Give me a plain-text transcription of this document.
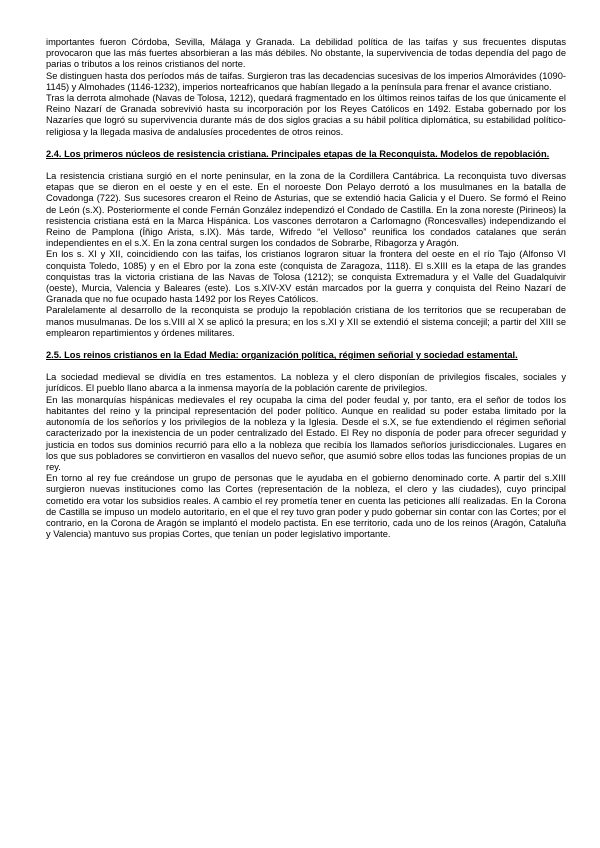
importantes fueron Córdoba, Sevilla, Málaga y Granada. La debilidad política de las taifas y sus frecuentes disputas provocaron que las más fuertes absorbieran a las más débiles. No obstante, la supervivencia de todas dependía del pago de parias o tributos a los reinos cristianos del norte.

Se distinguen hasta dos períodos más de taifas. Surgieron tras las decadencias sucesivas de los imperios Almorávides (1090-1145) y Almohades (1146-1232), imperios norteafricanos que habían llegado a la península para frenar el avance cristiano.

Tras la derrota almohade (Navas de Tolosa, 1212), quedará fragmentado en los últimos reinos taifas de los que únicamente el Reino Nazarí de Granada sobrevivió hasta su incorporación por los Reyes Católicos en 1492. Estaba gobernado por los Nazaríes que logró su supervivencia durante más de dos siglos gracias a su hábil política diplomática, su estabilidad político-religiosa y la llegada masiva de andalusíes procedentes de otros reinos.

2.4. Los primeros núcleos de resistencia cristiana. Principales etapas de la Reconquista. Modelos de repoblación.

La resistencia cristiana surgió en el norte peninsular, en la zona de la Cordillera Cantábrica. La reconquista tuvo diversas etapas que se dieron en el oeste y en el este. En el noroeste Don Pelayo derrotó a los musulmanes en la batalla de Covadonga (722). Sus sucesores crearon el Reino de Asturias, que se extendió hacia Galicia y el Duero. Se formó el Reino de León (s.X). Posteriormente el conde Fernán González independizó el Condado de Castilla. En la zona noreste (Pirineos) la resistencia cristiana está en la Marca Hispánica. Los vascones derrotaron a Carlomagno (Roncesvalles) independizando el Reino de Pamplona (Íñigo Arista, s.IX). Más tarde, Wifredo “el Velloso” reunifica los condados catalanes que serán independientes en el s.X. En la zona central surgen los condados de Sobrarbe, Ribagorza y Aragón.

En los s. XI y XII, coincidiendo con las taifas, los cristianos lograron situar la frontera del oeste en el río Tajo (Alfonso VI conquista Toledo, 1085) y en el Ebro por la zona este (conquista de Zaragoza, 1118). El s.XIII es la etapa de las grandes conquistas tras la victoria cristiana de las Navas de Tolosa (1212); se conquista Extremadura y el Valle del Guadalquivir (oeste), Murcia, Valencia y Baleares (este). Los s.XIV-XV están marcados por la guerra y conquista del Reino Nazarí de Granada que no fue ocupado hasta 1492 por los Reyes Católicos.

Paralelamente al desarrollo de la reconquista se produjo la repoblación cristiana de los territorios que se recuperaban de manos musulmanas. De los s.VIII al X se aplicó la presura; en los s.XI y XII se extendió el sistema concejil; a partir del XIII se emplearon repartimientos y órdenes militares.

2.5. Los reinos cristianos en la Edad Media: organización política, régimen señorial y sociedad estamental.

La sociedad medieval se dividía en tres estamentos. La nobleza y el clero disponían de privilegios fiscales, sociales y jurídicos. El pueblo llano abarca a la inmensa mayoría de la población carente de privilegios.

En las monarquías hispánicas medievales el rey ocupaba la cima del poder feudal y, por tanto, era el señor de todos los habitantes del reino y la principal representación del poder político. Aunque en realidad su poder estaba limitado por la autonomía de los señoríos y los privilegios de la nobleza y la Iglesia. Desde el s.X, se fue extendiendo el régimen señorial caracterizado por la inexistencia de un poder centralizado del Estado. El Rey no disponía de poder para ofrecer seguridad y justicia en todos sus dominios recurrió para ello a la nobleza que recibía los llamados señoríos jurisdiccionales. Lugares en los que sus pobladores se convirtieron en vasallos del nuevo señor, que asumió sobre ellos todas las funciones propias de un rey.

En torno al rey fue creándose un grupo de personas que le ayudaba en el gobierno denominado corte. A partir del s.XIII surgieron nuevas instituciones como las Cortes (representación de la nobleza, el clero y las ciudades), cuyo principal cometido era votar los subsidios reales. A cambio el rey prometía tener en cuenta las peticiones allí realizadas. En la Corona de Castilla se impuso un modelo autoritario, en el que el rey tuvo gran poder y pudo gobernar sin contar con las Cortes; por el contrario, en la Corona de Aragón se implantó el modelo pactista. En ese territorio, cada uno de los reinos (Aragón, Cataluña y Valencia) mantuvo sus propias Cortes, que tenían un poder legislativo importante.
